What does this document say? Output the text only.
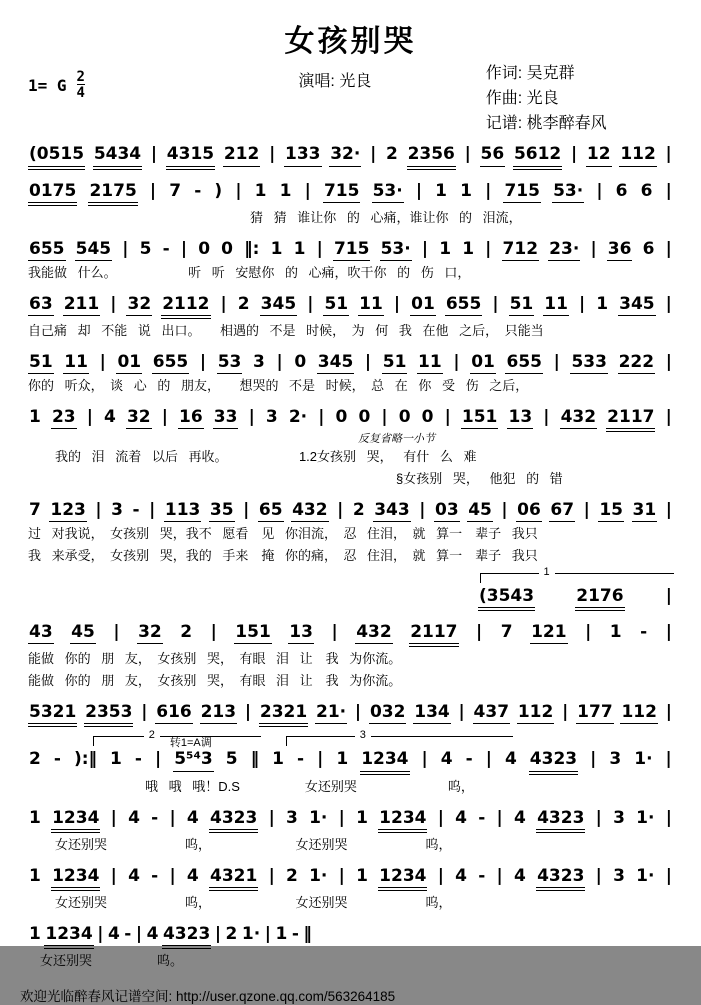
女孩别哭
1= G $\frac{2}{4}$	演唱: 光良	作词: 吴克群
作曲: 光良
记谱: 桃李醉春风
(0515 5434 | 4315 212 | 133 32· | 2 2356 | 56 5612 | 12 112 |
0175 2175 | 7 - ) | 1 1 | 715 53· | 1 1 | 715 53· | 6 6 |
猜 猜 谁让你 的 心痛，谁让你 的 泪流，
655 545 | 5 - | 0 0 ‖: 1 1 | 715 53· | 1 1 | 712 23· | 36 6 |
我能做 什么。　　　　　　听 听 安慰你 的 心痛，吹干你 的 伤 口，
63 211 | 32 2112 | 2 345 | 51 11 | 01 655 | 51 11 | 1 345 |
自己痛 却 不能 说 出口。　　相遇的 不是 时候，　为 何 我 在他 之后，　只能当
51 11 | 01 655 | 53 3 | 0 345 | 51 11 | 01 655 | 533 222 |
你的 听众，　谈 心 的 朋友，　　想哭的 不是 时候，　总 在 你 受 伤 之后，
1 23 | 4 32 | 16 33 | 3 2· | 0 0 | 0 0 | 151 13 | 432 2117 |
反复省略一小节
我的 泪 流着 以后 再收。　　　　　　1.2女孩别 哭， 有什 么 难
§女孩别 哭， 他犯 的 错
7 123 | 3 - | 113 35 | 65 432 | 2 343 | 03 45 | 06 67 | 15 31 |
过 对我说，　女孩别 哭，我不 愿看　见 你泪流，　忍 住泪，　就 算一　辈子 我只
我 来承受，　女孩别 哭，我的 手来　掩 你的痛，　忍 住泪，　就 算一　辈子 我只
1
(3543 2176 |
43 45 | 32 2 | 151 13 | 432 2117 | 7 121 | 1 - |
能做 你的 朋 友，　女孩别 哭，　有眼 泪 让　我 为你流。
能做 你的 朋 友，　女孩别 哭，　有眼 泪 让　我 为你流。
5321 2353 | 616 213 | 2321 21· | 032 134 | 437 112 | 177 112 |
2	3
转1=A调
2 - ):‖ 1 - | 5⁵⁴3 5 ‖ 1 - | 1 1234 | 4 - | 4 4323 | 3 1· |
哦 哦 哦！D.S　　　　　女还别哭　　　　　　　呜，
1 1234 | 4 - | 4 4323 | 3 1· | 1 1234 | 4 - | 4 4323 | 3 1· |
女还别哭　　　　　　呜，　　　　　　　女还别哭　　　　　　呜，
1 1234 | 4 - | 4 4321 | 2 1· | 1 1234 | 4 - | 4 4323 | 3 1· |
女还别哭　　　　　　呜，　　　　　　　女还别哭　　　　　　呜，
1 1234 | 4 - | 4 4323 | 2 1· | 1 - ‖
女还别哭　　　　　呜。
欢迎光临醉春风记谱空间: http://user.qzone.qq.com/563264185
